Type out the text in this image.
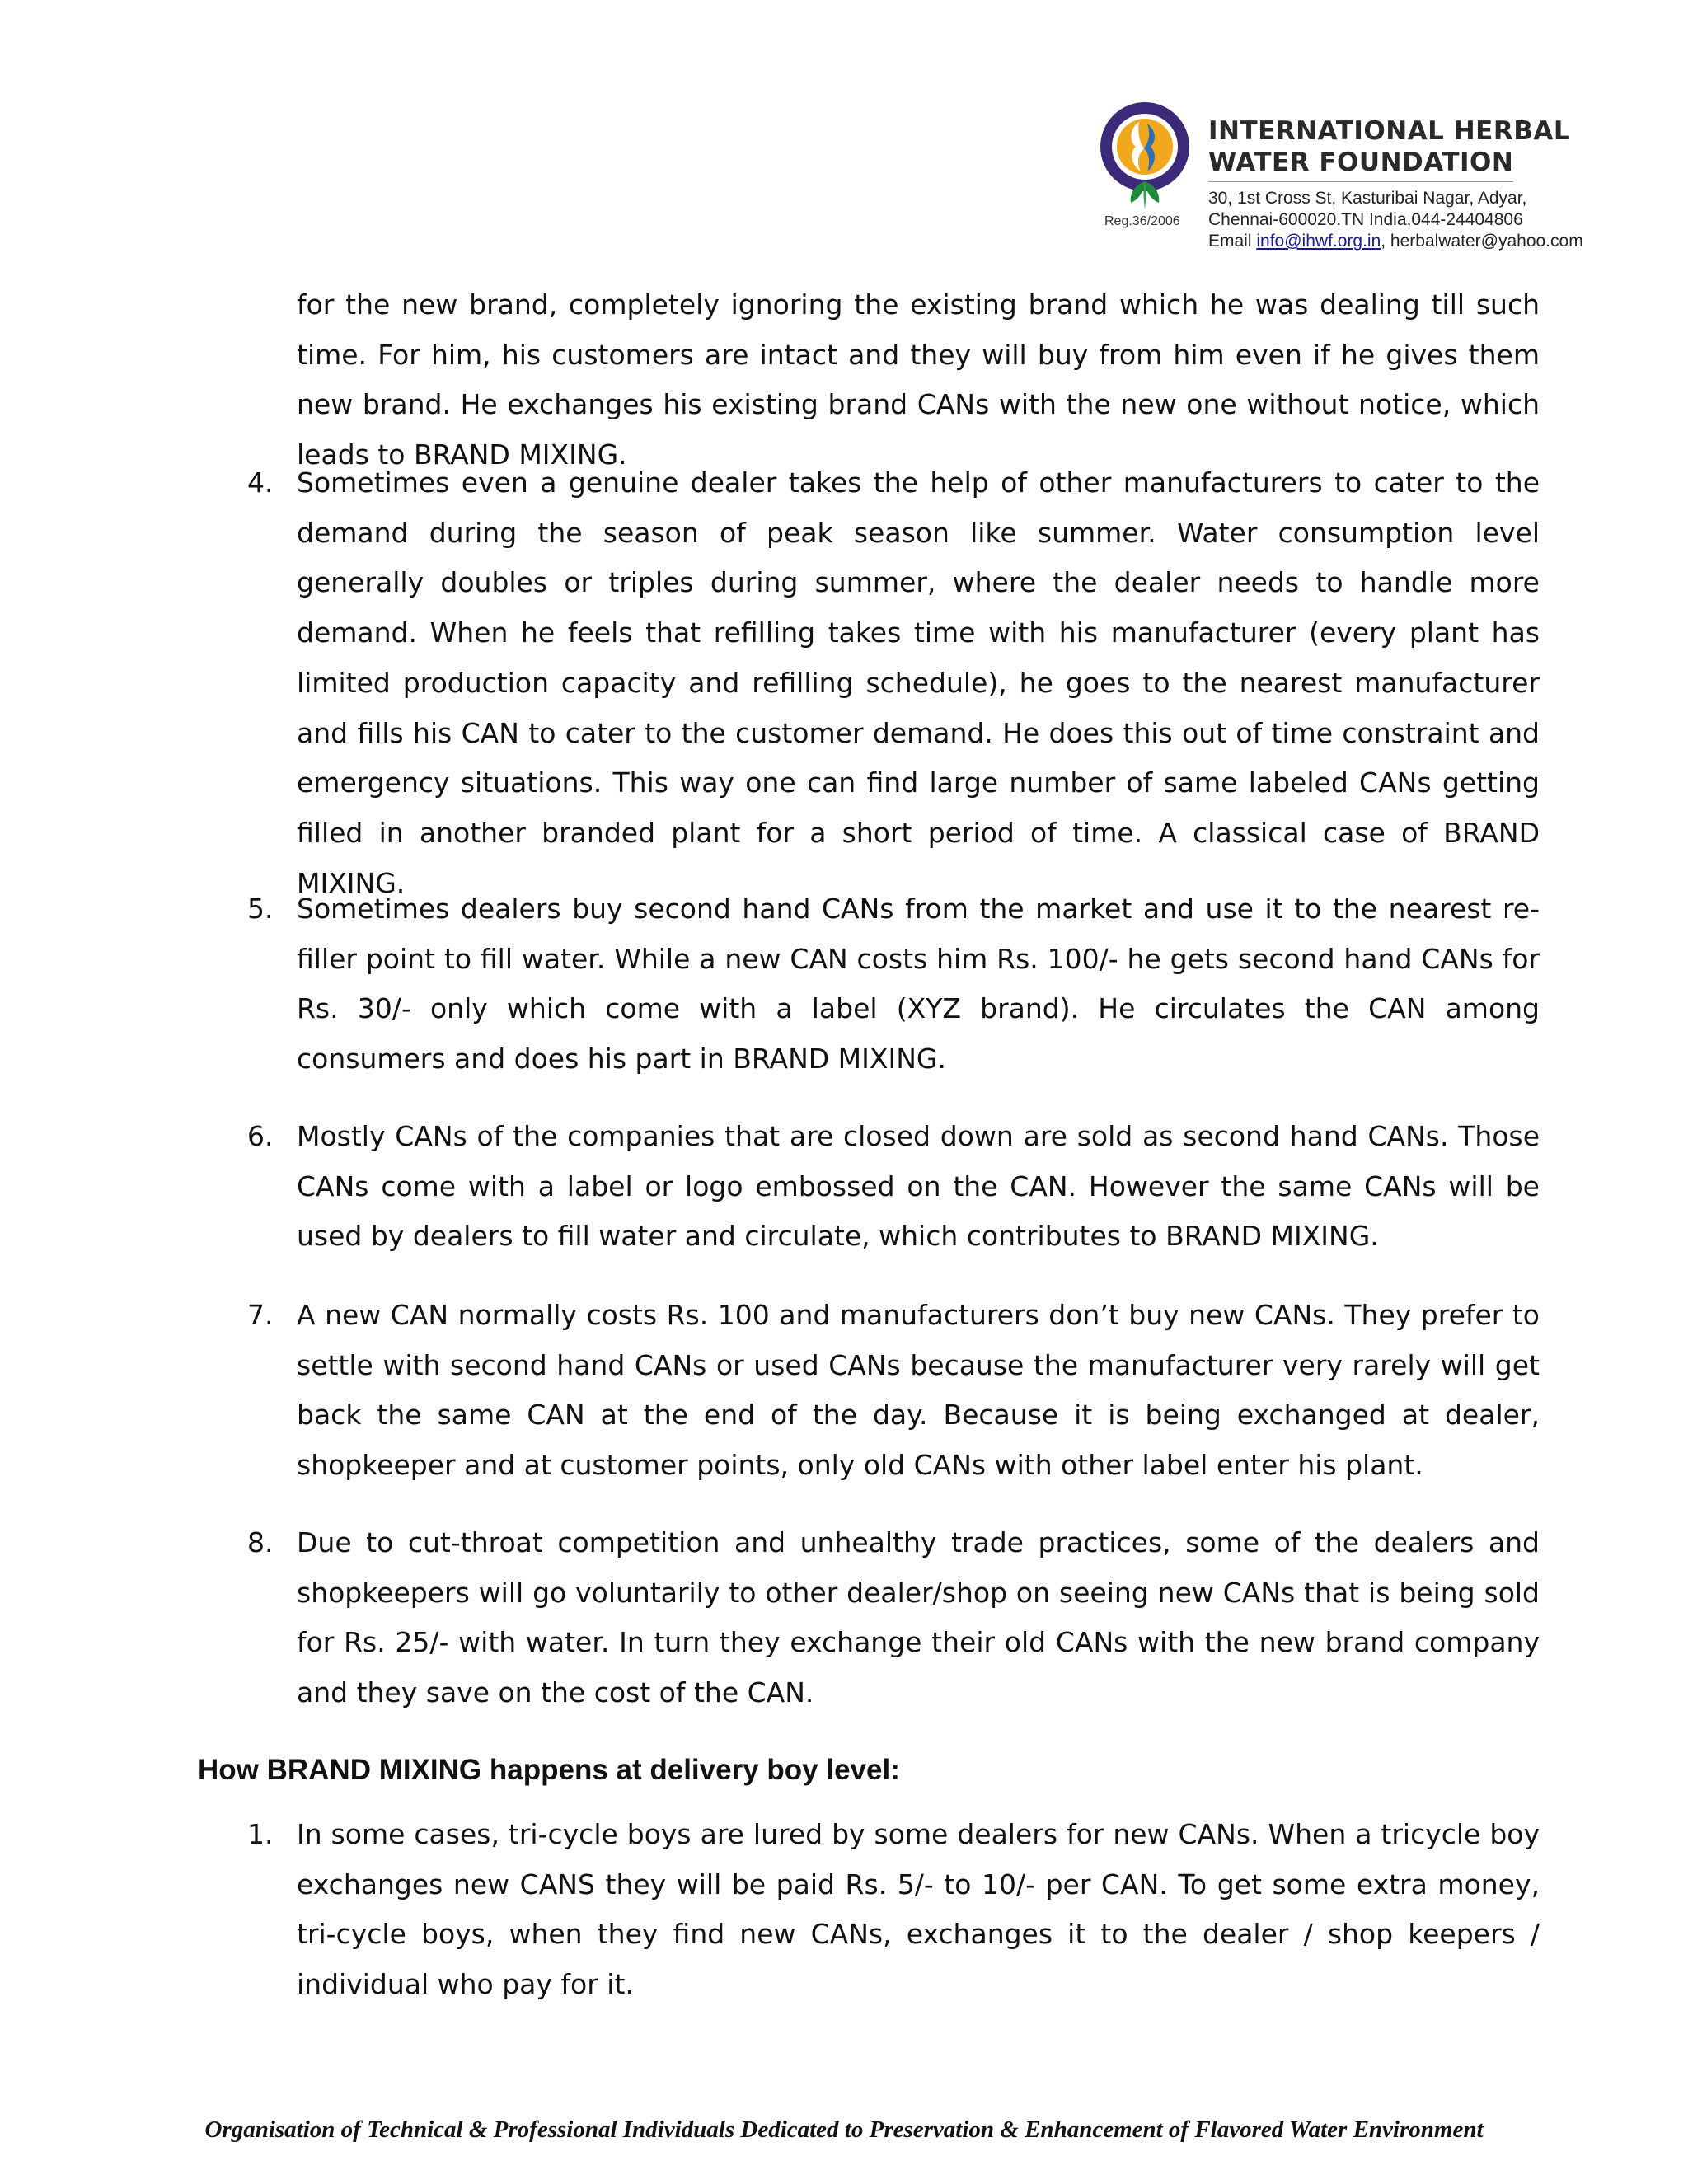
Reg.36/2006
INTERNATIONAL HERBAL
WATER FOUNDATION
30, 1st Cross St, Kasturibai Nagar, Adyar,
Chennai-600020.TN India,044-24404806
Email info@ihwf.org.in, herbalwater@yahoo.com
for the new brand, completely ignoring the existing brand which he was dealing till such time. For him, his customers are intact and they will buy from him even if he gives them new brand. He exchanges his existing brand CANs with the new one without notice, which leads to BRAND MIXING.
4. Sometimes even a genuine dealer takes the help of other manufacturers to cater to the demand during the season of peak season like summer. Water consumption level generally doubles or triples during summer, where the dealer needs to handle more demand. When he feels that refilling takes time with his manufacturer (every plant has limited production capacity and refilling schedule), he goes to the nearest manufacturer and fills his CAN to cater to the customer demand. He does this out of time constraint and emergency situations. This way one can find large number of same labeled CANs getting filled in another branded plant for a short period of time. A classical case of BRAND MIXING.
5. Sometimes dealers buy second hand CANs from the market and use it to the nearest re-filler point to fill water. While a new CAN costs him Rs. 100/- he gets second hand CANs for Rs. 30/- only which come with a label (XYZ brand). He circulates the CAN among consumers and does his part in BRAND MIXING.
6. Mostly CANs of the companies that are closed down are sold as second hand CANs. Those CANs come with a label or logo embossed on the CAN. However the same CANs will be used by dealers to fill water and circulate, which contributes to BRAND MIXING.
7. A new CAN normally costs Rs. 100 and manufacturers don’t buy new CANs. They prefer to settle with second hand CANs or used CANs because the manufacturer very rarely will get back the same CAN at the end of the day. Because it is being exchanged at dealer, shopkeeper and at customer points, only old CANs with other label enter his plant.
8. Due to cut-throat competition and unhealthy trade practices, some of the dealers and shopkeepers will go voluntarily to other dealer/shop on seeing new CANs that is being sold for Rs. 25/- with water. In turn they exchange their old CANs with the new brand company and they save on the cost of the CAN.
How BRAND MIXING happens at delivery boy level:
1. In some cases, tri-cycle boys are lured by some dealers for new CANs. When a tricycle boy exchanges new CANS they will be paid Rs. 5/- to 10/- per CAN. To get some extra money, tri-cycle boys, when they find new CANs, exchanges it to the dealer / shop keepers / individual who pay for it.
Organisation of Technical & Professional Individuals Dedicated to Preservation & Enhancement of Flavored Water Environment
